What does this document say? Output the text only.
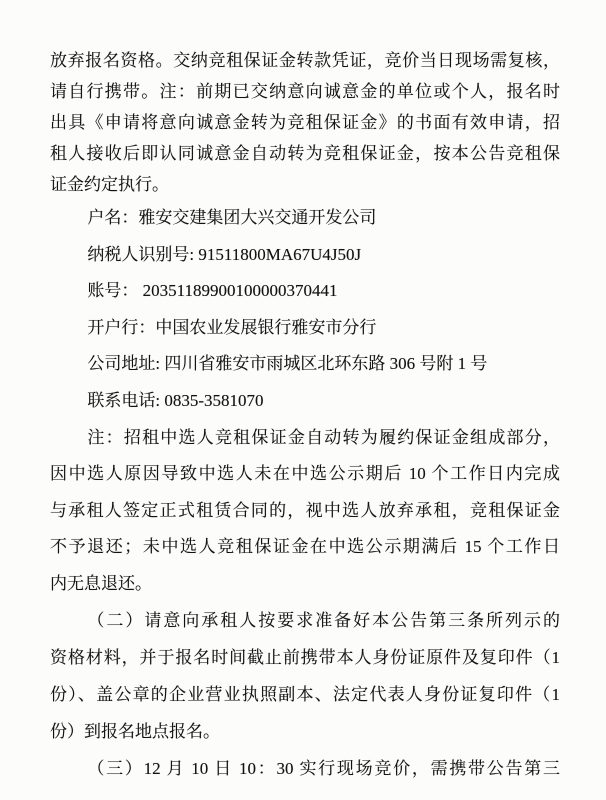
放弃报名资格。交纳竞租保证金转款凭证，竞价当日现场需复核，
请自行携带。注：前期已交纳意向诚意金的单位或个人，报名时
出具《申请将意向诚意金转为竞租保证金》的书面有效申请，招
租人接收后即认同诚意金自动转为竞租保证金，按本公告竞租保
证金约定执行。
户名：雅安交建集团大兴交通开发公司
纳税人识别号: 91511800MA67U4J50J
账号： 20351189900100000370441
开户行：中国农业发展银行雅安市分行
公司地址: 四川省雅安市雨城区北环东路 306 号附 1 号
联系电话: 0835-3581070
注：招租中选人竞租保证金自动转为履约保证金组成部分，
因中选人原因导致中选人未在中选公示期后 10 个工作日内完成
与承租人签定正式租赁合同的，视中选人放弃承租，竞租保证金
不予退还；未中选人竞租保证金在中选公示期满后 15 个工作日
内无息退还。
（二）请意向承租人按要求准备好本公告第三条所列示的
资格材料，并于报名时间截止前携带本人身份证原件及复印件（1
份）、盖公章的企业营业执照副本、法定代表人身份证复印件（1
份）到报名地点报名。
（三）12 月 10 日 10：30 实行现场竞价，需携带公告第三
